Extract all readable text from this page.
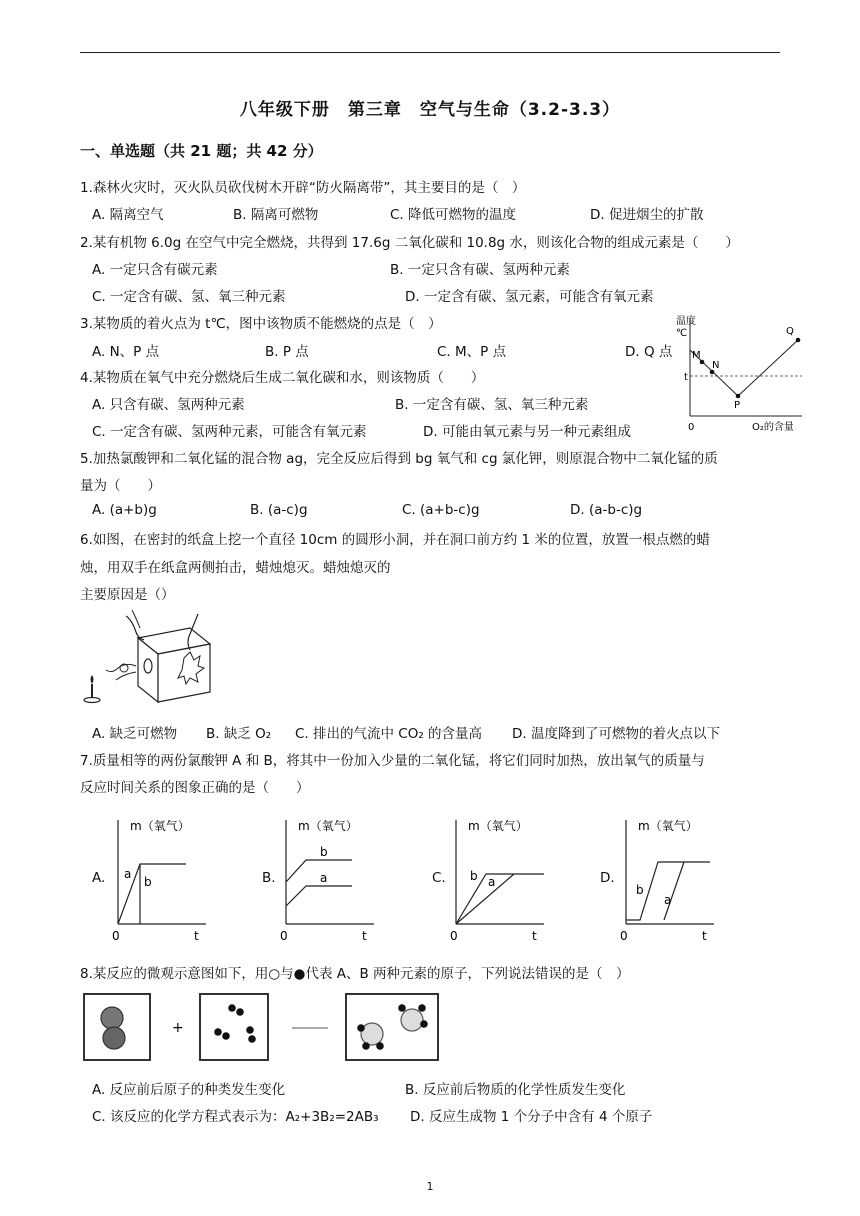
八年级下册　第三章　空气与生命（3.2-3.3）
一、单选题（共 21 题；共 42 分）
1.森林火灾时，灭火队员砍伐树木开辟“防火隔离带”，其主要目的是（　）
A. 隔离空气	B. 隔离可燃物	C. 降低可燃物的温度	D. 促进烟尘的扩散
2.某有机物 6.0g 在空气中完全燃烧，共得到 17.6g 二氧化碳和 10.8g 水，则该化合物的组成元素是（　　）
A. 一定只含有碳元素	B. 一定只含有碳、氢两种元素
C. 一定含有碳、氢、氧三种元素	D. 一定含有碳、氢元素，可能含有氧元素
3.某物质的着火点为 t℃，图中该物质不能燃烧的点是（　）
A. N、P 点	B. P 点	C. M、P 点	D. Q 点
温度
℃
M
N
P
Q
t
0	O₂的含量
4.某物质在氧气中充分燃烧后生成二氧化碳和水，则该物质（　　）
A. 只含有碳、氢两种元素	B. 一定含有碳、氢、氧三种元素
C. 一定含有碳、氢两种元素，可能含有氧元素	D. 可能由氧元素与另一种元素组成
5.加热氯酸钾和二氧化锰的混合物 ag，完全反应后得到 bg 氧气和 cg 氯化钾，则原混合物中二氧化锰的质
量为（　　）
A. (a+b)g	B. (a-c)g	C. (a+b-c)g	D. (a-b-c)g
6.如图，在密封的纸盒上挖一个直径 10cm 的圆形小洞，并在洞口前方约 1 米的位置，放置一根点燃的蜡
烛，用双手在纸盒两侧拍击，蜡烛熄灭。蜡烛熄灭的
主要原因是（）
A. 缺乏可燃物 B. 缺乏 O₂ C. 排出的气流中 CO₂ 的含量高 D. 温度降到了可燃物的着火点以下
7.质量相等的两份氯酸钾 A 和 B，将其中一份加入少量的二氧化锰，将它们同时加热，放出氧气的质量与
反应时间关系的图象正确的是（　　）
A.
m（氧气）
a
b
0	t
B.
m（氧气）
b
a
0	t
C.
m（氧气）
b a
0	t
D.
m（氧气）
b
a
0	t
8.某反应的微观示意图如下，用○与●代表 A、B 两种元素的原子，下列说法错误的是（　）
+
A. 反应前后原子的种类发生变化	B. 反应前后物质的化学性质发生变化
C. 该反应的化学方程式表示为：A₂+3B₂=2AB₃ D. 反应生成物 1 个分子中含有 4 个原子
1
